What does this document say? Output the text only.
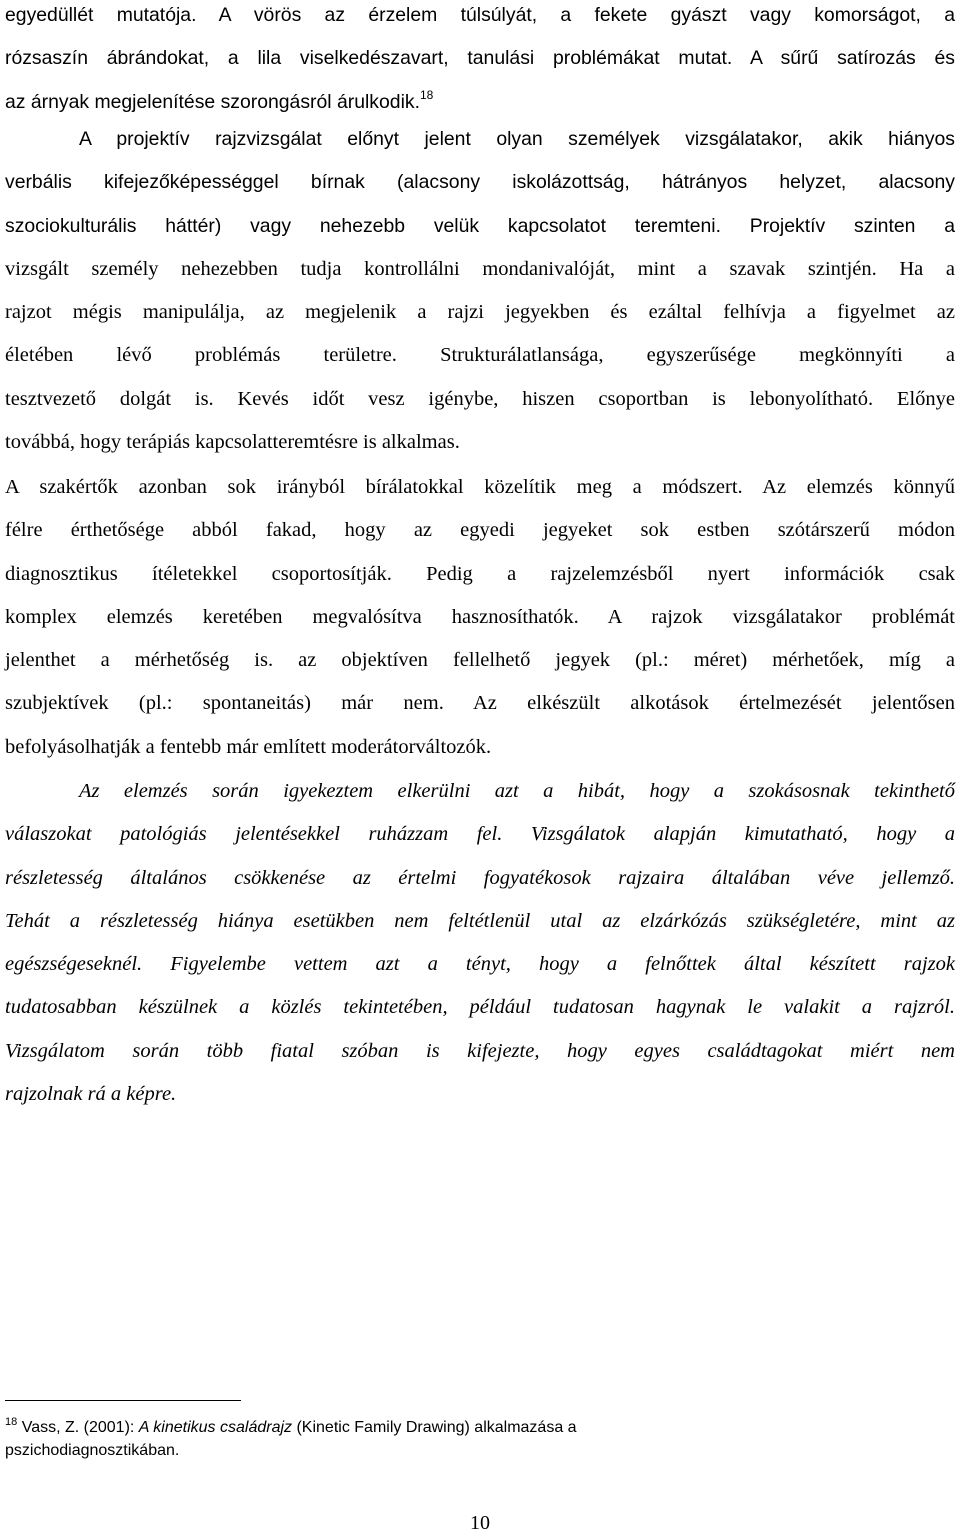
egyedüllét mutatója. A vörös az érzelem túlsúlyát, a fekete gyászt vagy komorságot, a
rózsaszín ábrándokat, a lila viselkedészavart, tanulási problémákat mutat. A sűrű satírozás és
az árnyak megjelenítése szorongásról árulkodik.$^{18}$
A projektív rajzvizsgálat előnyt jelent olyan személyek vizsgálatakor, akik hiányos
verbális kifejezőképességgel bírnak (alacsony iskolázottság, hátrányos helyzet, alacsony
szociokulturális háttér) vagy nehezebb velük kapcsolatot teremteni. Projektív szinten a
vizsgált személy nehezebben tudja kontrollálni mondanivalóját, mint a szavak szintjén. Ha a
rajzot mégis manipulálja, az megjelenik a rajzi jegyekben és ezáltal felhívja a figyelmet az
életében lévő problémás területre. Strukturálatlansága, egyszerűsége megkönnyíti a
tesztvezető dolgát is. Kevés időt vesz igénybe, hiszen csoportban is lebonyolítható. Előnye
továbbá, hogy terápiás kapcsolatteremtésre is alkalmas.
A szakértők azonban sok irányból bírálatokkal közelítik meg a módszert. Az elemzés könnyű
félre érthetősége abból fakad, hogy az egyedi jegyeket sok estben szótárszerű módon
diagnosztikus ítéletekkel csoportosítják. Pedig a rajzelemzésből nyert információk csak
komplex elemzés keretében megvalósítva hasznosíthatók. A rajzok vizsgálatakor problémát
jelenthet a mérhetőség is. az objektíven fellelhető jegyek (pl.: méret) mérhetőek, míg a
szubjektívek (pl.: spontaneitás) már nem. Az elkészült alkotások értelmezését jelentősen
befolyásolhatják a fentebb már említett moderátorváltozók.
Az elemzés során igyekeztem elkerülni azt a hibát, hogy a szokásosnak tekinthető
válaszokat patológiás jelentésekkel ruházzam fel. Vizsgálatok alapján kimutatható, hogy a
részletesség általános csökkenése az értelmi fogyatékosok rajzaira általában véve jellemző.
Tehát a részletesség hiánya esetükben nem feltétlenül utal az elzárkózás szükségletére, mint az
egészségeseknél. Figyelembe vettem azt a tényt, hogy a felnőttek által készített rajzok
tudatosabban készülnek a közlés tekintetében, például tudatosan hagynak le valakit a rajzról.
Vizsgálatom során több fiatal szóban is kifejezte, hogy egyes családtagokat miért nem
rajzolnak rá a képre.
$^{18}$ Vass, Z. (2001): A kinetikus családrajz (Kinetic Family Drawing) alkalmazása a
pszichodiagnosztikában.
10
